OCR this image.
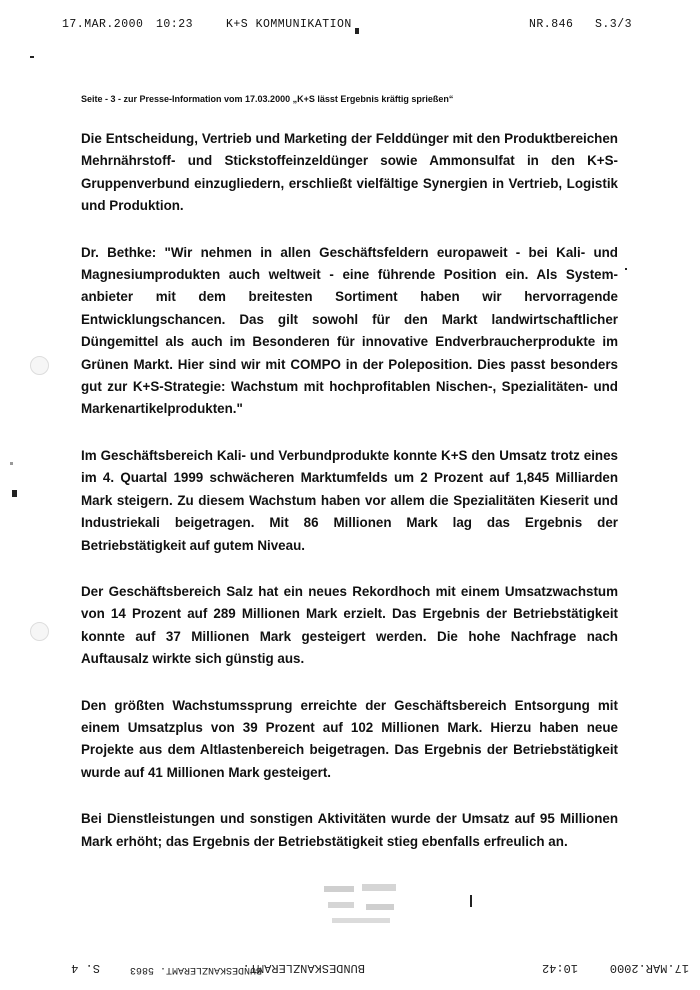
17.MAR.2000 10:23	K+S KOMMUNIKATION	NR.846 S.3/3
Seite - 3 - zur Presse-Information vom 17.03.2000 „K+S lässt Ergebnis kräftig sprießen“

Die Entscheidung, Vertrieb und Marketing der Felddünger mit den Produktbereichen Mehrnährstoff- und Stickstoffeinzeldünger sowie Ammonsulfat in den K+S-Gruppenverbund einzugliedern, erschließt vielfältige Synergien in Vertrieb, Logistik und Produktion.

Dr. Bethke: "Wir nehmen in allen Geschäftsfeldern europaweit - bei Kali- und Magnesiumprodukten auch weltweit - eine führende Position ein. Als System-anbieter mit dem breitesten Sortiment haben wir hervorragende Entwicklungschancen. Das gilt sowohl für den Markt landwirtschaftlicher Düngemittel als auch im Besonderen für innovative Endverbraucherprodukte im Grünen Markt. Hier sind wir mit COMPO in der Poleposition. Dies passt besonders gut zur K+S-Strategie: Wachstum mit hochprofitablen Nischen-, Spezialitäten- und Markenartikelprodukten."

Im Geschäftsbereich Kali- und Verbundprodukte konnte K+S den Umsatz trotz eines im 4. Quartal 1999 schwächeren Marktumfelds um 2 Prozent auf 1,845 Milliarden Mark steigern. Zu diesem Wachstum haben vor allem die Spezialitäten Kieserit und Industriekali beigetragen. Mit 86 Millionen Mark lag das Ergebnis der Betriebstätigkeit auf gutem Niveau.

Der Geschäftsbereich Salz hat ein neues Rekordhoch mit einem Umsatzwachstum von 14 Prozent auf 289 Millionen Mark erzielt. Das Ergebnis der Betriebstätigkeit konnte auf 37 Millionen Mark gesteigert werden. Die hohe Nachfrage nach Auftausalz wirkte sich günstig aus.

Den größten Wachstumssprung erreichte der Geschäftsbereich Entsorgung mit einem Umsatzplus von 39 Prozent auf 102 Millionen Mark. Hierzu haben neue Projekte aus dem Altlastenbereich beigetragen. Das Ergebnis der Betriebstätigkeit wurde auf 41 Millionen Mark gesteigert.

Bei Dienstleistungen und sonstigen Aktivitäten wurde der Umsatz auf 95 Millionen Mark erhöht; das Ergebnis der Betriebstätigkeit stieg ebenfalls erfreulich an.

17.MAR.2000
10:42
BUNDESKANZLERAMT.
BUNDESKANZLERAMT. 5863
S. 4
